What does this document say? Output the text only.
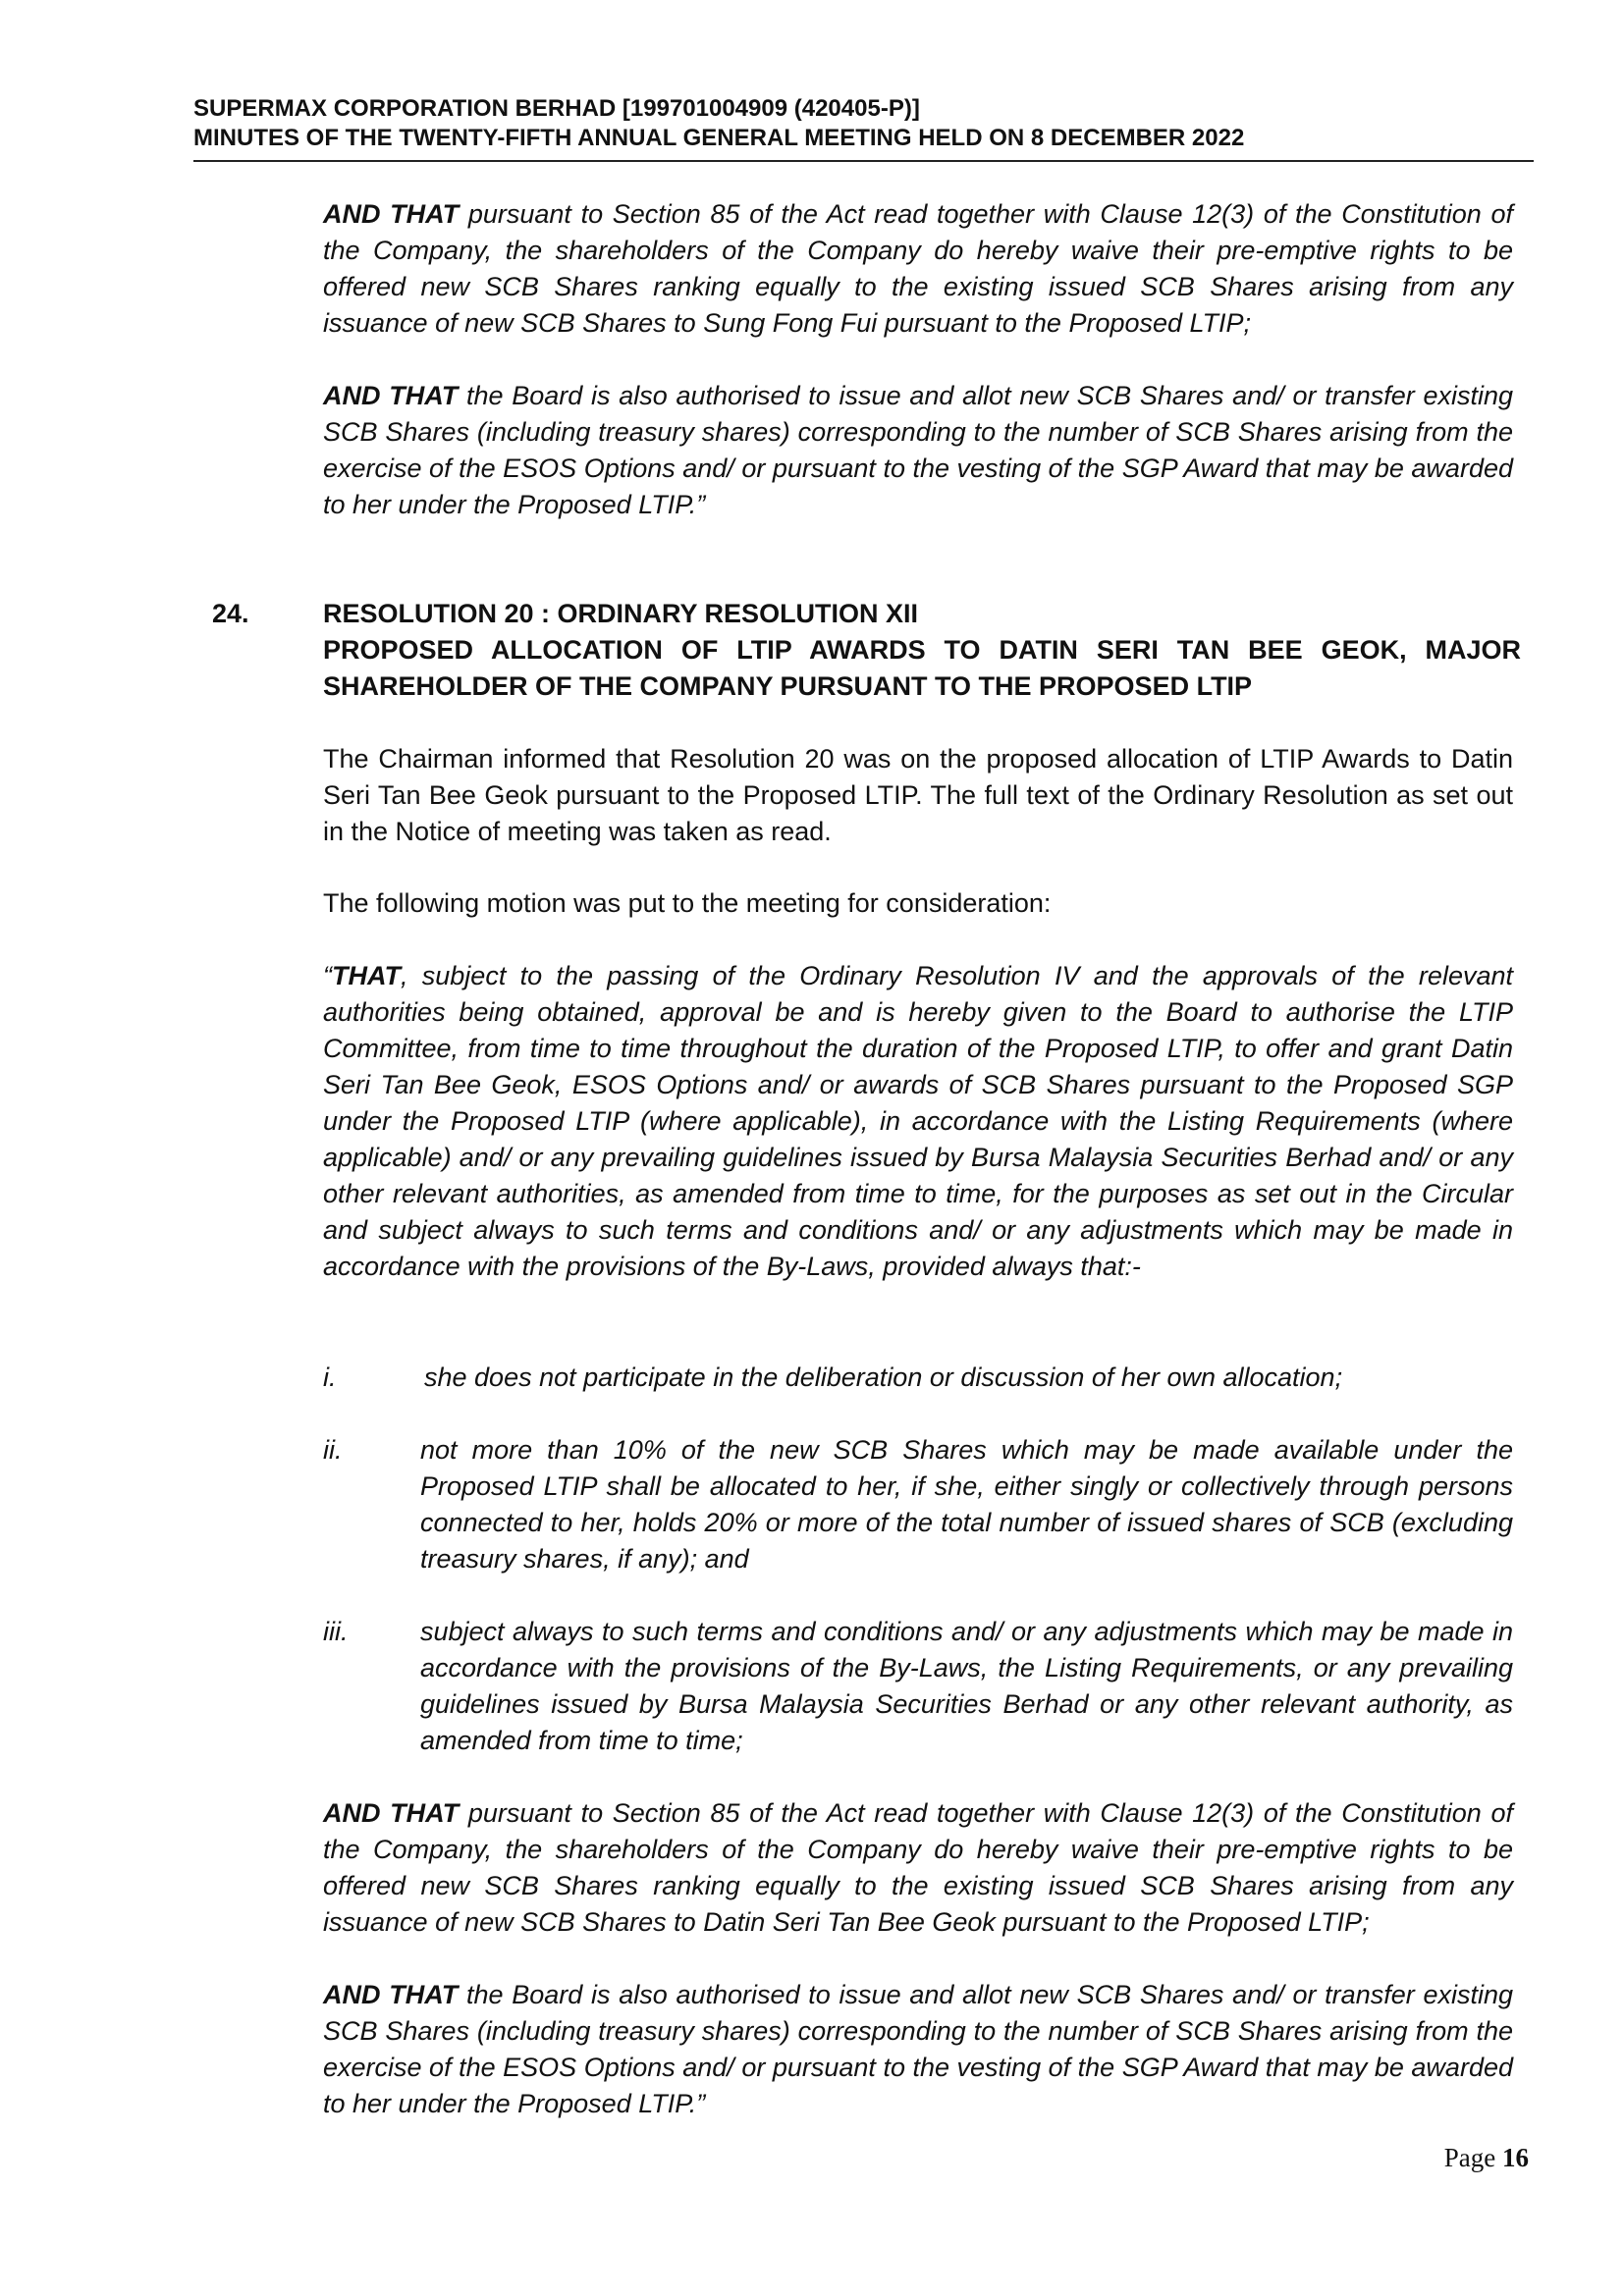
SUPERMAX CORPORATION BERHAD [199701004909 (420405-P)]
MINUTES OF THE TWENTY-FIFTH ANNUAL GENERAL MEETING HELD ON 8 DECEMBER 2022
AND THAT pursuant to Section 85 of the Act read together with Clause 12(3) of the Constitution of the Company, the shareholders of the Company do hereby waive their pre-emptive rights to be offered new SCB Shares ranking equally to the existing issued SCB Shares arising from any issuance of new SCB Shares to Sung Fong Fui pursuant to the Proposed LTIP;
AND THAT the Board is also authorised to issue and allot new SCB Shares and/ or transfer existing SCB Shares (including treasury shares) corresponding to the number of SCB Shares arising from the exercise of the ESOS Options and/ or pursuant to the vesting of the SGP Award that may be awarded to her under the Proposed LTIP.”
24.	RESOLUTION 20 : ORDINARY RESOLUTION XII
PROPOSED ALLOCATION OF LTIP AWARDS TO DATIN SERI TAN BEE GEOK, MAJOR SHAREHOLDER OF THE COMPANY PURSUANT TO THE PROPOSED LTIP
The Chairman informed that Resolution 20 was on the proposed allocation of LTIP Awards to Datin Seri Tan Bee Geok pursuant to the Proposed LTIP. The full text of the Ordinary Resolution as set out in the Notice of meeting was taken as read.
The following motion was put to the meeting for consideration:
“THAT, subject to the passing of the Ordinary Resolution IV and the approvals of the relevant authorities being obtained, approval be and is hereby given to the Board to authorise the LTIP Committee, from time to time throughout the duration of the Proposed LTIP, to offer and grant Datin Seri Tan Bee Geok, ESOS Options and/ or awards of SCB Shares pursuant to the Proposed SGP under the Proposed LTIP (where applicable), in accordance with the Listing Requirements (where applicable) and/ or any prevailing guidelines issued by Bursa Malaysia Securities Berhad and/ or any other relevant authorities, as amended from time to time, for the purposes as set out in the Circular and subject always to such terms and conditions and/ or any adjustments which may be made in accordance with the provisions of the By-Laws, provided always that:-
i.	she does not participate in the deliberation or discussion of her own allocation;
ii.	not more than 10% of the new SCB Shares which may be made available under the Proposed LTIP shall be allocated to her, if she, either singly or collectively through persons connected to her, holds 20% or more of the total number of issued shares of SCB (excluding treasury shares, if any); and
iii.	subject always to such terms and conditions and/ or any adjustments which may be made in accordance with the provisions of the By-Laws, the Listing Requirements, or any prevailing guidelines issued by Bursa Malaysia Securities Berhad or any other relevant authority, as amended from time to time;
AND THAT pursuant to Section 85 of the Act read together with Clause 12(3) of the Constitution of the Company, the shareholders of the Company do hereby waive their pre-emptive rights to be offered new SCB Shares ranking equally to the existing issued SCB Shares arising from any issuance of new SCB Shares to Datin Seri Tan Bee Geok pursuant to the Proposed LTIP;
AND THAT the Board is also authorised to issue and allot new SCB Shares and/ or transfer existing SCB Shares (including treasury shares) corresponding to the number of SCB Shares arising from the exercise of the ESOS Options and/ or pursuant to the vesting of the SGP Award that may be awarded to her under the Proposed LTIP.”
Page 16
